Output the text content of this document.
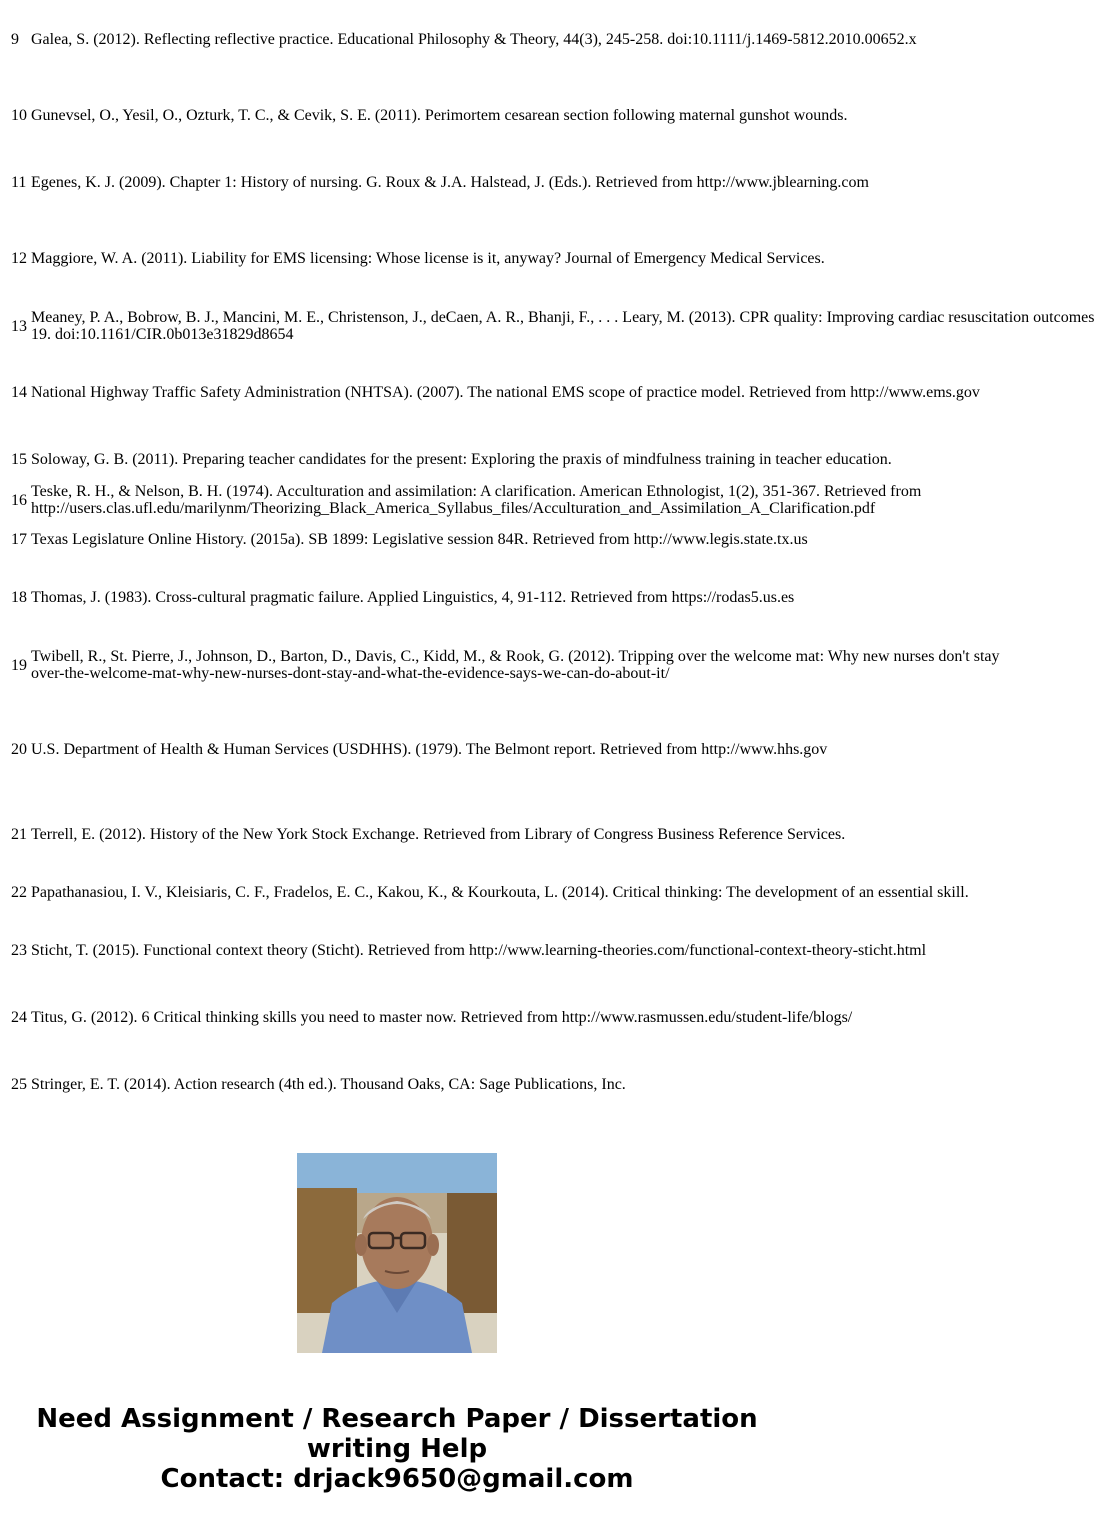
9 Galea, S. (2012). Reflecting reflective practice. Educational Philosophy & Theory, 44(3), 245-258. doi:10.1111/j.1469-5812.2010.00652.x
10 Gunevsel, O., Yesil, O., Ozturk, T. C., & Cevik, S. E. (2011). Perimortem cesarean section following maternal gunshot wounds.
11 Egenes, K. J. (2009). Chapter 1: History of nursing. G. Roux & J.A. Halstead, J. (Eds.). Retrieved from http://www.jblearning.com
12 Maggiore, W. A. (2011). Liability for EMS licensing: Whose license is it, anyway? Journal of Emergency Medical Services.
13 Meaney, P. A., Bobrow, B. J., Mancini, M. E., Christenson, J., deCaen, A. R., Bhanji, F., . . . Leary, M. (2013). CPR quality: Improving cardiac resuscitation outcomes
19. doi:10.1161/CIR.0b013e31829d8654
14 National Highway Traffic Safety Administration (NHTSA). (2007). The national EMS scope of practice model. Retrieved from http://www.ems.gov
15 Soloway, G. B. (2011). Preparing teacher candidates for the present: Exploring the praxis of mindfulness training in teacher education.
16 Teske, R. H., & Nelson, B. H. (1974). Acculturation and assimilation: A clarification. American Ethnologist, 1(2), 351-367. Retrieved from
http://users.clas.ufl.edu/marilynm/Theorizing_Black_America_Syllabus_files/Acculturation_and_Assimilation_A_Clarification.pdf
17 Texas Legislature Online History. (2015a). SB 1899: Legislative session 84R. Retrieved from http://www.legis.state.tx.us
18 Thomas, J. (1983). Cross-cultural pragmatic failure. Applied Linguistics, 4, 91-112. Retrieved from https://rodas5.us.es
19 Twibell, R., St. Pierre, J., Johnson, D., Barton, D., Davis, C., Kidd, M., & Rook, G. (2012). Tripping over the welcome mat: Why new nurses don't stay
over-the-welcome-mat-why-new-nurses-dont-stay-and-what-the-evidence-says-we-can-do-about-it/
20 U.S. Department of Health & Human Services (USDHHS). (1979). The Belmont report. Retrieved from http://www.hhs.gov
21 Terrell, E. (2012). History of the New York Stock Exchange. Retrieved from Library of Congress Business Reference Services.
22 Papathanasiou, I. V., Kleisiaris, C. F., Fradelos, E. C., Kakou, K., & Kourkouta, L. (2014). Critical thinking: The development of an essential skill.
23 Sticht, T. (2015). Functional context theory (Sticht). Retrieved from http://www.learning-theories.com/functional-context-theory-sticht.html
24 Titus, G. (2012). 6 Critical thinking skills you need to master now. Retrieved from http://www.rasmussen.edu/student-life/blogs/
25 Stringer, E. T. (2014). Action research (4th ed.). Thousand Oaks, CA: Sage Publications, Inc.
Need Assignment / Research Paper / Dissertation
writing Help
Contact: drjack9650@gmail.com
